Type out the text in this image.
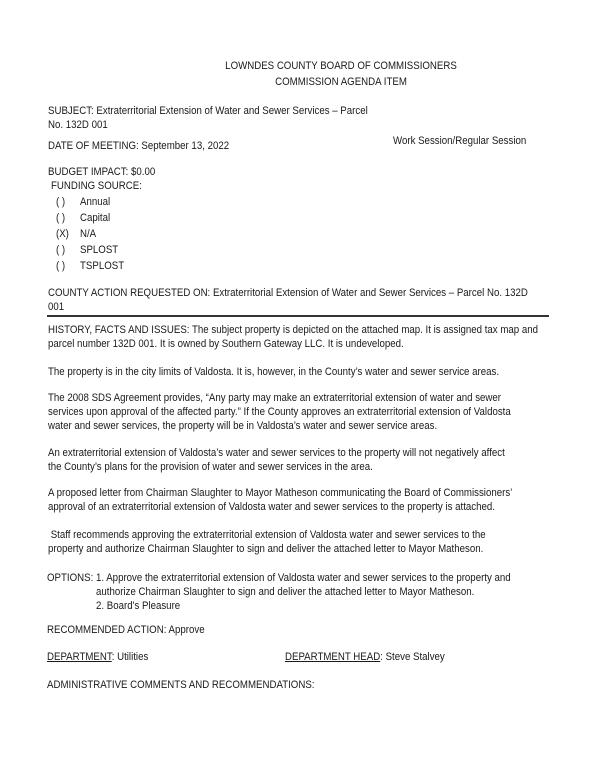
LOWNDES COUNTY BOARD OF COMMISSIONERS
COMMISSION AGENDA ITEM
SUBJECT: Extraterritorial Extension of Water and Sewer Services – Parcel
No. 132D 001
DATE OF MEETING: September 13, 2022	Work Session/Regular Session
BUDGET IMPACT: $0.00
FUNDING SOURCE:
( ) Annual
( ) Capital
(X) N/A
( ) SPLOST
( ) TSPLOST
COUNTY ACTION REQUESTED ON: Extraterritorial Extension of Water and Sewer Services – Parcel No. 132D
001
HISTORY, FACTS AND ISSUES: The subject property is depicted on the attached map. It is assigned tax map and
parcel number 132D 001. It is owned by Southern Gateway LLC. It is undeveloped.
The property is in the city limits of Valdosta. It is, however, in the County’s water and sewer service areas.
The 2008 SDS Agreement provides, “Any party may make an extraterritorial extension of water and sewer
services upon approval of the affected party.” If the County approves an extraterritorial extension of Valdosta
water and sewer services, the property will be in Valdosta’s water and sewer service areas.
An extraterritorial extension of Valdosta’s water and sewer services to the property will not negatively affect
the County’s plans for the provision of water and sewer services in the area.
A proposed letter from Chairman Slaughter to Mayor Matheson communicating the Board of Commissioners’
approval of an extraterritorial extension of Valdosta water and sewer services to the property is attached.
Staff recommends approving the extraterritorial extension of Valdosta water and sewer services to the
property and authorize Chairman Slaughter to sign and deliver the attached letter to Mayor Matheson.
OPTIONS: 1. Approve the extraterritorial extension of Valdosta water and sewer services to the property and
authorize Chairman Slaughter to sign and deliver the attached letter to Mayor Matheson.
2. Board's Pleasure
RECOMMENDED ACTION: Approve
DEPARTMENT: Utilities	DEPARTMENT HEAD: Steve Stalvey
ADMINISTRATIVE COMMENTS AND RECOMMENDATIONS:
